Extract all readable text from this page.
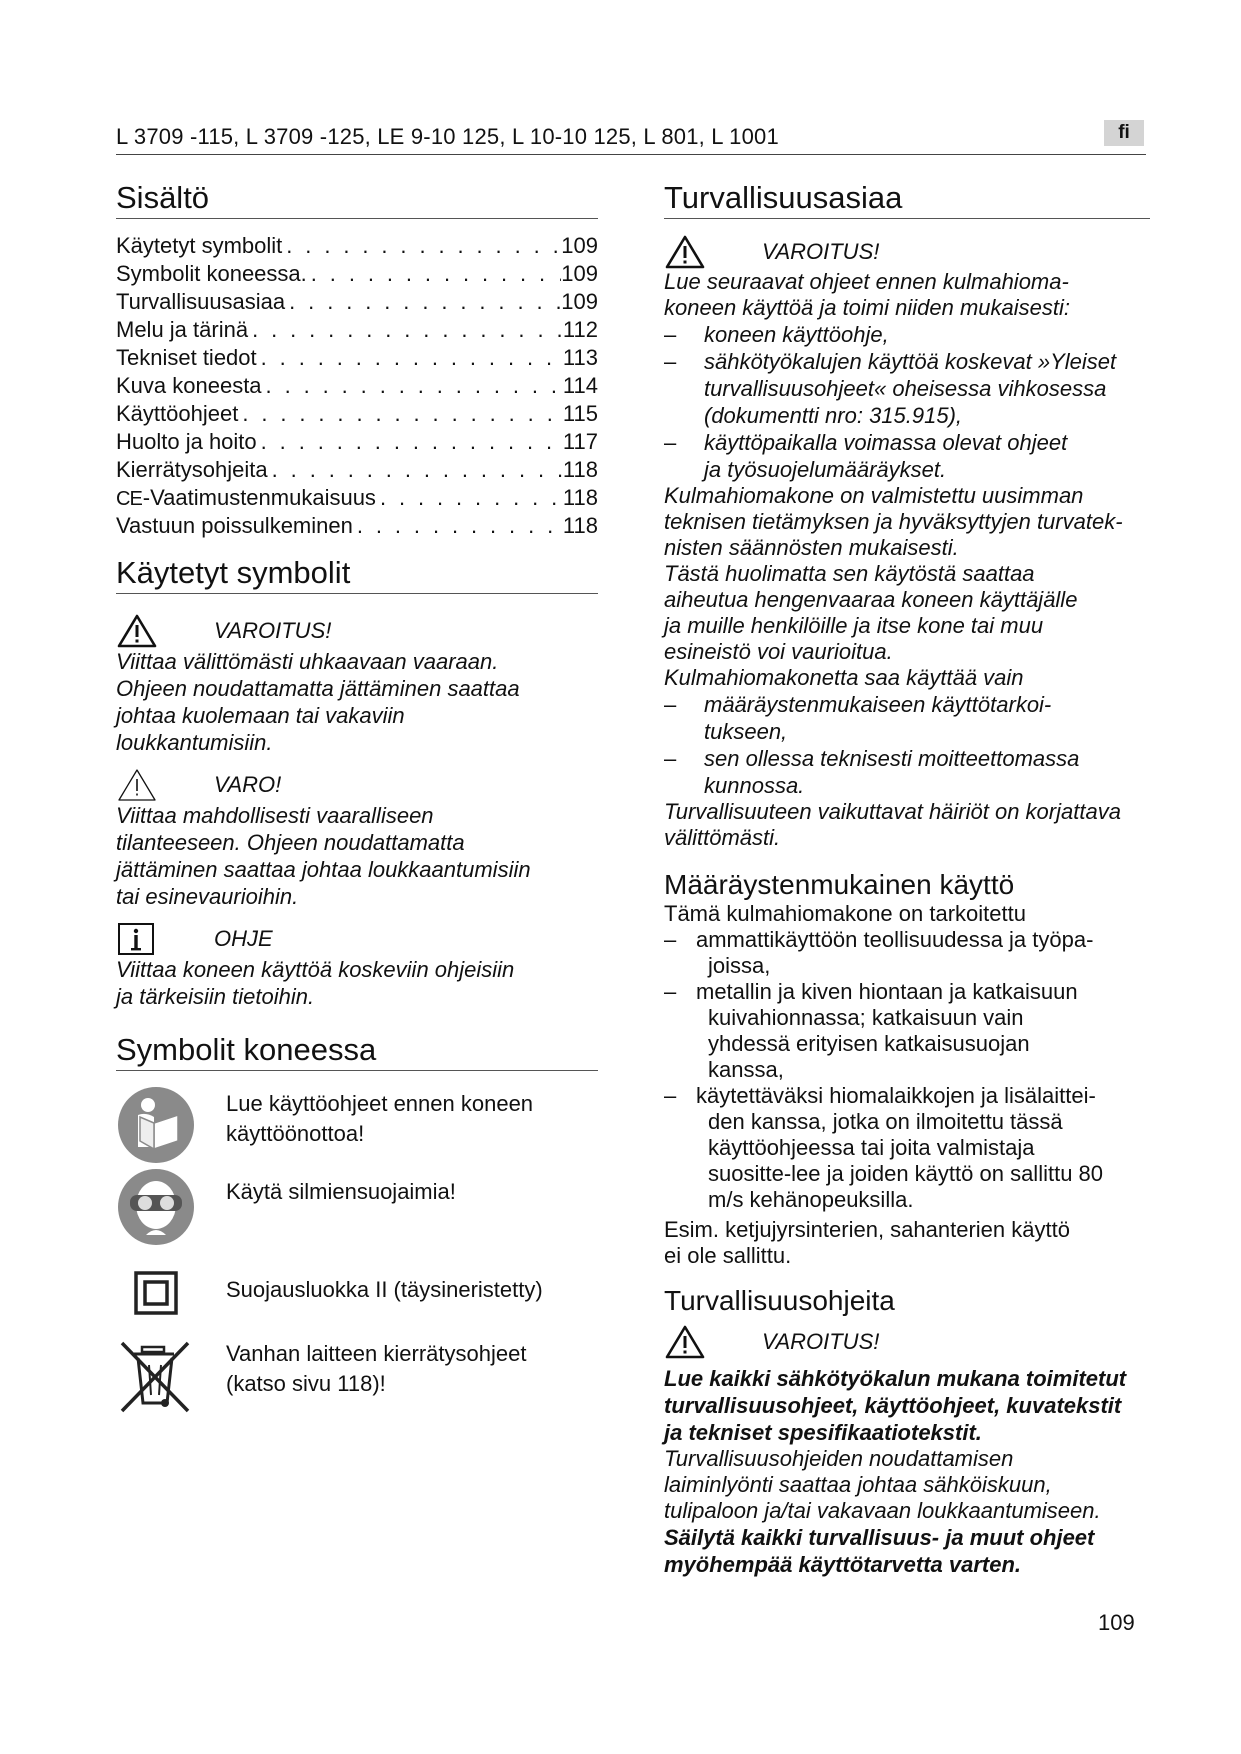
L 3709 -115, L 3709 -125, LE 9-10 125, L 10-10 125, L 801, L 1001	fi
Sisältö
Käytetyt symbolit . . .	109
Symbolit koneessa. . . .	109
Turvallisuusasiaa . . .	109
Melu ja tärinä . . .	112
Tekniset tiedot . . .	113
Kuva koneesta . . .	114
Käyttöohjeet . . .	115
Huolto ja hoito . . .	117
Kierrätysohjeita . . .	118
CE-Vaatimustenmukaisuus . . .	118
Vastuun poissulkeminen . . .	118
Käytetyt symbolit
VAROITUS!
Viittaa välittömästi uhkaavaan vaaraan.
Ohjeen noudattamatta jättäminen saattaa
johtaa kuolemaan tai vakaviin
loukkantumisiin.
VARO!
Viittaa mahdollisesti vaaralliseen
tilanteeseen. Ohjeen noudattamatta
jättäminen saattaa johtaa loukkaantumisiin
tai esinevaurioihin.
OHJE
Viittaa koneen käyttöä koskeviin ohjeisiin
ja tärkeisiin tietoihin.
Symbolit koneessa
Lue käyttöohjeet ennen koneen
käyttöönottoa!
Käytä silmiensuojaimia!
Suojausluokka II (täysineristetty)
Vanhan laitteen kierrätysohjeet
(katso sivu 118)!
Turvallisuusasiaa
VAROITUS!
Lue seuraavat ohjeet ennen kulmahioma-
koneen käyttöä ja toimi niiden mukaisesti:
–	koneen käyttöohje,
–	sähkötyökalujen käyttöä koskevat »Yleiset
turvallisuusohjeet« oheisessa vihkosessa
(dokumentti nro: 315.915),
–	käyttöpaikalla voimassa olevat ohjeet
ja työsuojelumääräykset.
Kulmahiomakone on valmistettu uusimman
teknisen tietämyksen ja hyväksyttyjen turvatek-
nisten säännösten mukaisesti.
Tästä huolimatta sen käytöstä saattaa
aiheutua hengenvaaraa koneen käyttäjälle
ja muille henkilöille ja itse kone tai muu
esineistö voi vaurioitua.
Kulmahiomakonetta saa käyttää vain
–	määräystenmukaiseen käyttötarkoi-
tukseen,
–	sen ollessa teknisesti moitteettomassa
kunnossa.
Turvallisuuteen vaikuttavat häiriöt on korjattava
välittömästi.
Määräystenmukainen käyttö
Tämä kulmahiomakone on tarkoitettu
– ammattikäyttöön teollisuudessa ja työpa-
joissa,
– metallin ja kiven hiontaan ja katkaisuun
kuivahionnassa; katkaisuun vain
yhdessä erityisen katkaisusuojan
kanssa,
– käytettäväksi hiomalaikkojen ja lisälaittei-
den kanssa, jotka on ilmoitettu tässä
käyttöohjeessa tai joita valmistaja
suositte-lee ja joiden käyttö on sallittu 80
m/s kehänopeuksilla.
Esim. ketjujyrsinterien, sahanterien käyttö
ei ole sallittu.
Turvallisuusohjeita
VAROITUS!
Lue kaikki sähkötyökalun mukana toimitetut
turvallisuusohjeet, käyttöohjeet, kuvatekstit
ja tekniset spesifikaatiotekstit.
Turvallisuusohjeiden noudattamisen
laiminlyönti saattaa johtaa sähköiskuun,
tulipaloon ja/tai vakavaan loukkaantumiseen.
Säilytä kaikki turvallisuus- ja muut ohjeet
myöhempää käyttötarvetta varten.
109
